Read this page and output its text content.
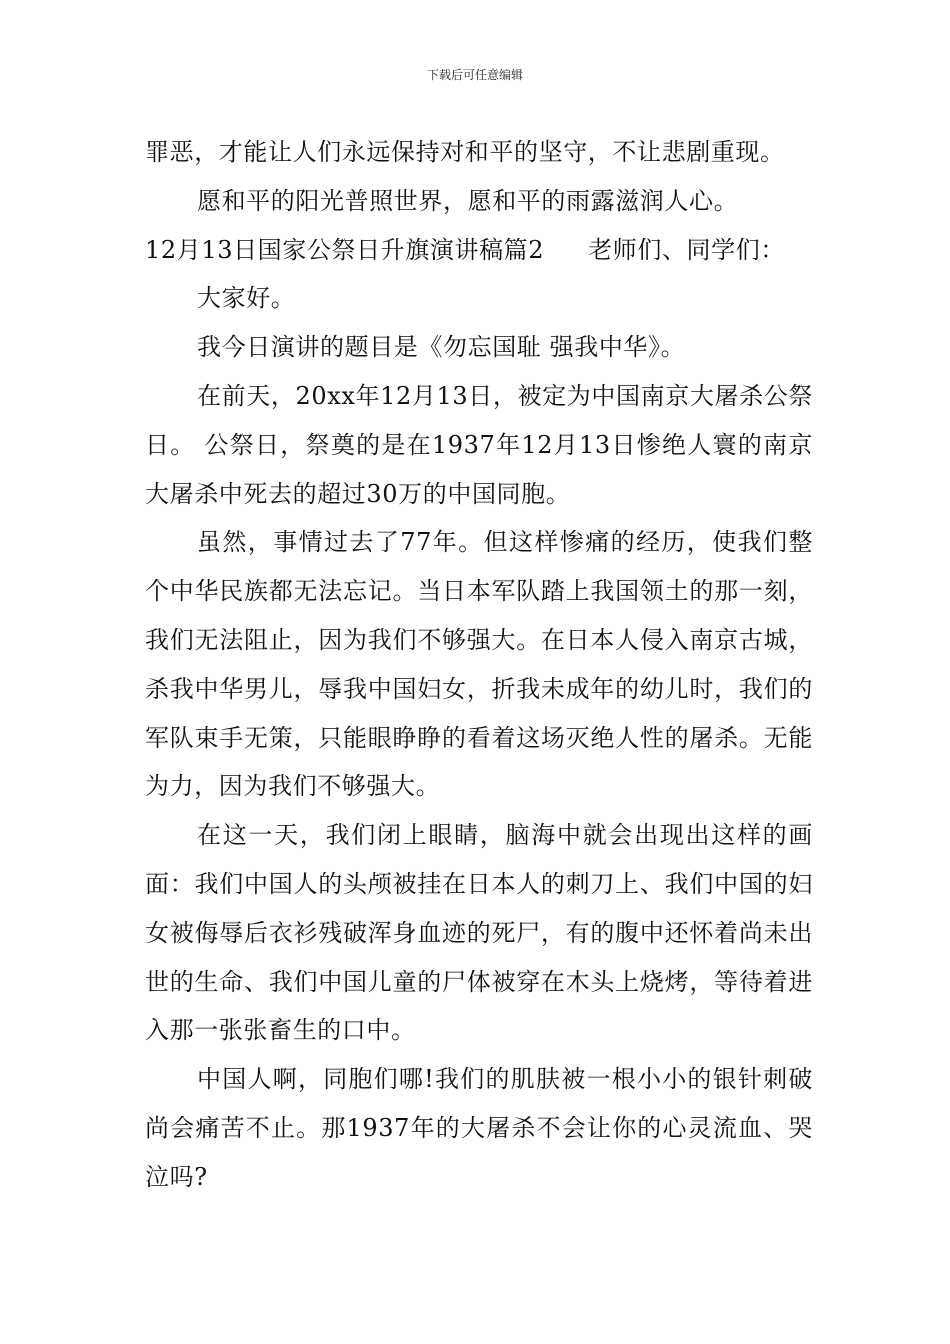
下载后可任意编辑

罪恶，才能让人们永远保持对和平的坚守，不让悲剧重现。

愿和平的阳光普照世界，愿和平的雨露滋润人心。

12月13日国家公祭日升旗演讲稿篇2 老师们、同学们：

大家好。

我今日演讲的题目是《勿忘国耻 强我中华》。

在前天，20xx年12月13日，被定为中国南京大屠杀公祭日。 公祭日，祭奠的是在1937年12月13日惨绝人寰的南京大屠杀中死去的超过30万的中国同胞。

虽然，事情过去了77年。但这样惨痛的经历，使我们整个中华民族都无法忘记。当日本军队踏上我国领土的那一刻，我们无法阻止，因为我们不够强大。在日本人侵入南京古城，杀我中华男儿，辱我中国妇女，折我未成年的幼儿时，我们的军队束手无策，只能眼睁睁的看着这场灭绝人性的屠杀。无能为力，因为我们不够强大。

在这一天，我们闭上眼睛，脑海中就会出现出这样的画面：我们中国人的头颅被挂在日本人的刺刀上、我们中国的妇女被侮辱后衣衫残破浑身血迹的死尸，有的腹中还怀着尚未出世的生命、我们中国儿童的尸体被穿在木头上烧烤，等待着进入那一张张畜生的口中。

中国人啊，同胞们哪!我们的肌肤被一根小小的银针刺破尚会痛苦不止。那1937年的大屠杀不会让你的心灵流血、哭泣吗?
